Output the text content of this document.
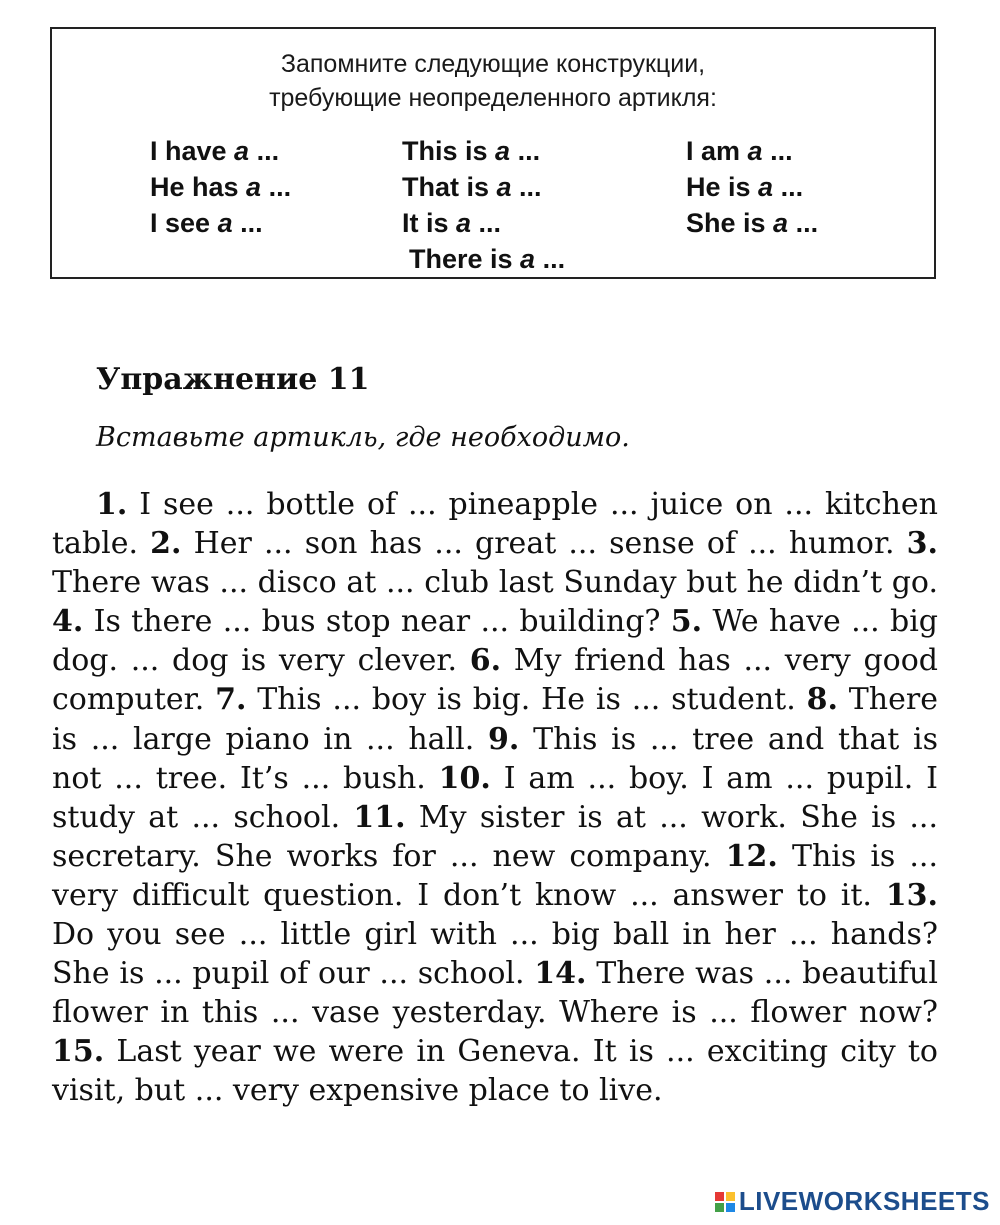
Запомните следующие конструкции,
требующие неопределенного артикля:
I have a ...
He has a ...
I see a ...
This is a ...
That is a ...
It is a ...
There is a ...
I am a ...
He is a ...
She is a ...
Упражнение 11
Вставьте артикль, где необходимо.
1. I see ... bottle of ... pineapple ... juice on ... kitchen table. 2. Her ... son has ... great ... sense of ... humor. 3. There was ... disco at ... club last Sunday but he didn’t go. 4. Is there ... bus stop near ... building? 5. We have ... big dog. ... dog is very clever. 6. My friend has ... very good computer. 7. This ... boy is big. He is ... student. 8. There is ... large piano in ... hall. 9. This is ... tree and that is not ... tree. It’s ... bush. 10. I am ... boy. I am ... pupil. I study at ... school. 11. My sister is at ... work. She is ... secretary. She works for ... new company. 12. This is ... very difficult question. I don’t know ... answer to it. 13. Do you see ... little girl with ... big ball in her ... hands? She is ... pupil of our ... school. 14. There was ... beautiful flower in this ... vase yesterday. Where is ... flower now? 15. Last year we were in Geneva. It is ... exciting city to visit, but ... very expensive place to live.
LIVEWORKSHEETS
